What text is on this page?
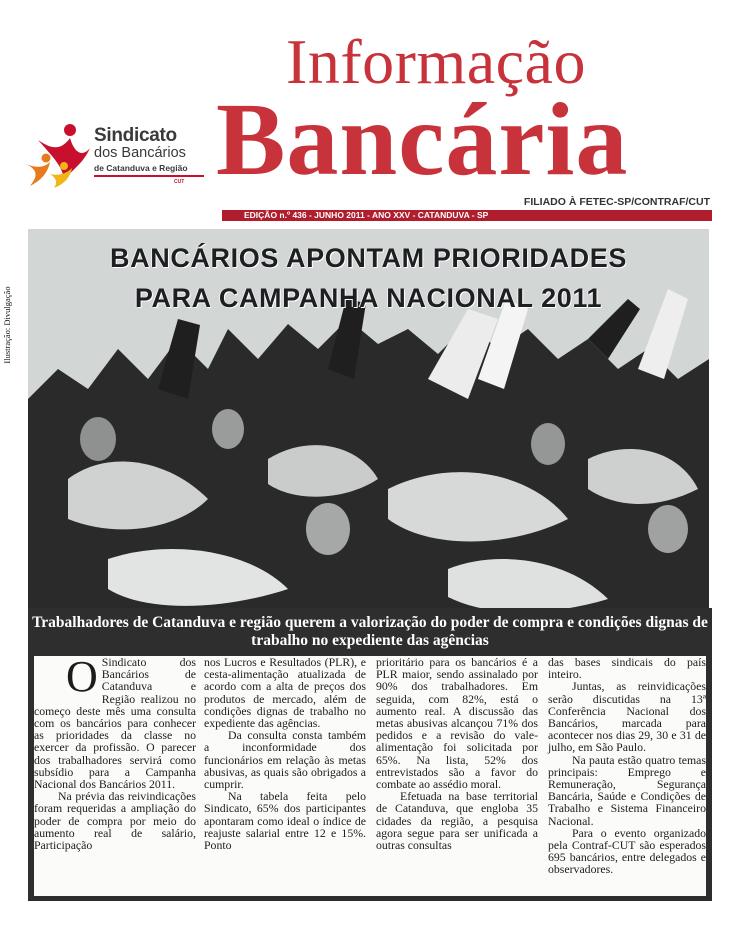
Sindicato
dos Bancários
de Catanduva e Região
CUT
Informação
Bancária
FILIADO À FETEC-SP/CONTRAF/CUT
EDIÇÃO n.º 436 - JUNHO 2011 - ANO XXV - CATANDUVA - SP
BANCÁRIOS APONTAM PRIORIDADES
PARA CAMPANHA NACIONAL 2011
Ilustração: Divulgação
Trabalhadores de Catanduva e região querem a valorização do poder de compra e condições dignas de trabalho no expediente das agências

O Sindicato dos Bancários de Catanduva e Região realizou no começo deste mês uma consulta com os bancários para conhecer as prioridades da classe no exercer da profissão. O parecer dos trabalhadores servirá como subsídio para a Campanha Nacional dos Bancários 2011.

Na prévia das reivindicações foram requeridas a ampliação do poder de compra por meio do aumento real de salário, Participação

nos Lucros e Resultados (PLR), e cesta-alimentação atualizada de acordo com a alta de preços dos produtos de mercado, além de condições dignas de trabalho no expediente das agências.

Da consulta consta também a inconformidade dos funcionários em relação às metas abusivas, as quais são obrigados a cumprir.

Na tabela feita pelo Sindicato, 65% dos participantes apontaram como ideal o índice de reajuste salarial entre 12 e 15%. Ponto

prioritário para os bancários é a PLR maior, sendo assinalado por 90% dos trabalhadores. Em seguida, com 82%, está o aumento real. A discussão das metas abusivas alcançou 71% dos pedidos e a revisão do vale-alimentação foi solicitada por 65%. Na lista, 52% dos entrevistados são a favor do combate ao assédio moral.

Efetuada na base territorial de Catanduva, que engloba 35 cidades da região, a pesquisa agora segue para ser unificada a outras consultas

das bases sindicais do país inteiro.

Juntas, as reinvidicações serão discutidas na 13ª Conferência Nacional dos Bancários, marcada para acontecer nos dias 29, 30 e 31 de julho, em São Paulo.

Na pauta estão quatro temas principais: Emprego e Remuneração, Segurança Bancária, Saúde e Condições de Trabalho e Sistema Financeiro Nacional.

Para o evento organizado pela Contraf-CUT são esperados 695 bancários, entre delegados e observadores.
